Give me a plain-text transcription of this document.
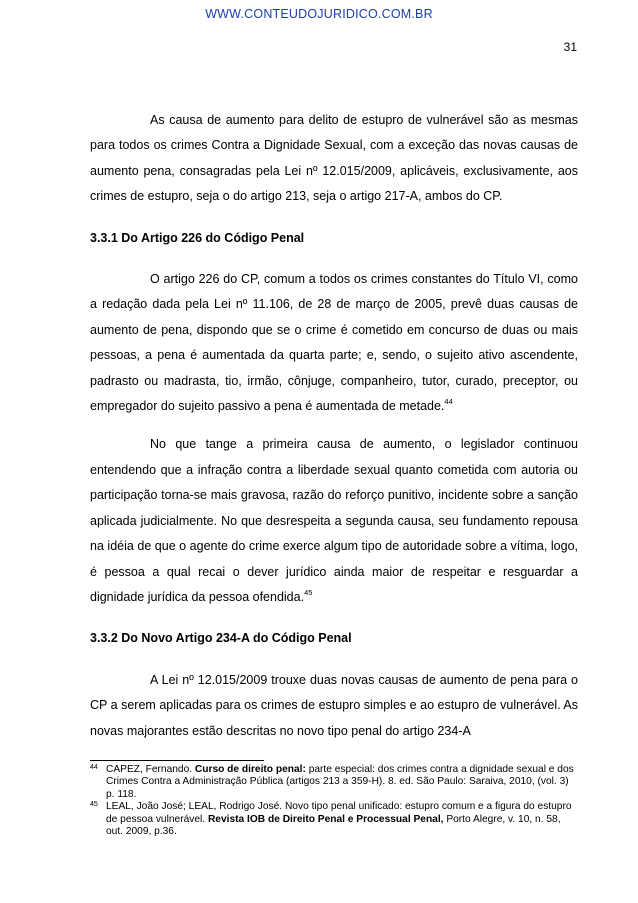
WWW.CONTEUDOJURIDICO.COM.BR
31

As causa de aumento para delito de estupro de vulnerável são as mesmas para todos os crimes Contra a Dignidade Sexual, com a exceção das novas causas de aumento pena, consagradas pela Lei nº 12.015/2009, aplicáveis, exclusivamente, aos crimes de estupro, seja o do artigo 213, seja o artigo 217-A, ambos do CP.

3.3.1 Do Artigo 226 do Código Penal

O artigo 226 do CP, comum a todos os crimes constantes do Título VI, como a redação dada pela Lei nº 11.106, de 28 de março de 2005, prevê duas causas de aumento de pena, dispondo que se o crime é cometido em concurso de duas ou mais pessoas, a pena é aumentada da quarta parte; e, sendo, o sujeito ativo ascendente, padrasto ou madrasta, tio, irmão, cônjuge, companheiro, tutor, curado, preceptor, ou empregador do sujeito passivo a pena é aumentada de metade.$^{44}$

No que tange a primeira causa de aumento, o legislador continuou entendendo que a infração contra a liberdade sexual quanto cometida com autoria ou participação torna-se mais gravosa, razão do reforço punitivo, incidente sobre a sanção aplicada judicialmente. No que desrespeita a segunda causa, seu fundamento repousa na idéia de que o agente do crime exerce algum tipo de autoridade sobre a vítima, logo, é pessoa a qual recai o dever jurídico ainda maior de respeitar e resguardar a dignidade jurídica da pessoa ofendida.$^{45}$

3.3.2 Do Novo Artigo 234-A do Código Penal

A Lei nº 12.015/2009 trouxe duas novas causas de aumento de pena para o CP a serem aplicadas para os crimes de estupro simples e ao estupro de vulnerável. As novas majorantes estão descritas no novo tipo penal do artigo 234-A

44 CAPEZ, Fernando. Curso de direito penal: parte especial: dos crimes contra a dignidade sexual e dos Crimes Contra a Administração Pública (artigos 213 a 359-H). 8. ed. São Paulo: Saraiva, 2010, (vol. 3) p. 118.
45 LEAL, João José; LEAL, Rodrigo José. Novo tipo penal unificado: estupro comum e a figura do estupro de pessoa vulnerável. Revista IOB de Direito Penal e Processual Penal, Porto Alegre, v. 10, n. 58, out. 2009, p.36.
